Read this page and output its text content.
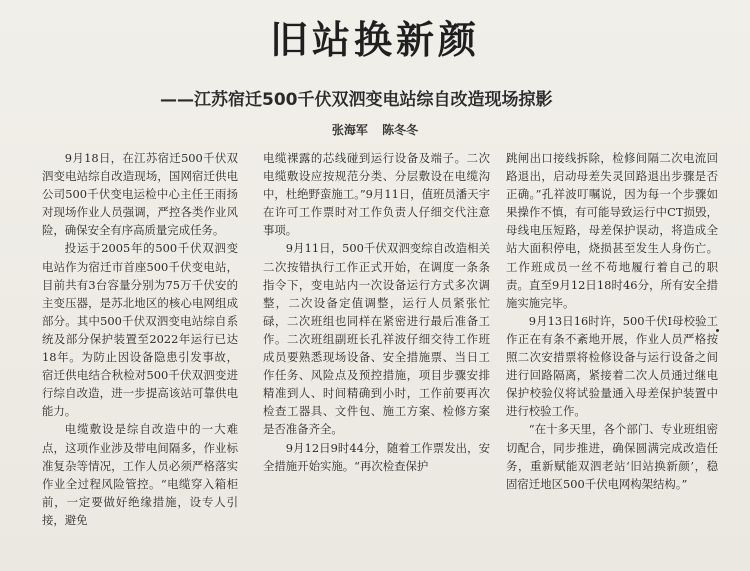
旧站换新颜
——江苏宿迁500千伏双泗变电站综自改造现场掠影

张海军 陈冬冬

9月18日，在江苏宿迁500千伏双泗变电站综自改造现场，国网宿迁供电公司500千伏变电运检中心主任王雨扬对现场作业人员强调，严控各类作业风险，确保安全有序高质量完成任务。

投运于2005年的500千伏双泗变电站作为宿迁市首座500千伏变电站，目前共有3台容量分别为75万千伏安的主变压器，是苏北地区的核心电网组成部分。其中500千伏双泗变电站综自系统及部分保护装置至2022年运行已达18年。为防止因设备隐患引发事故，宿迁供电结合秋检对500千伏双泗变进行综自改造，进一步提高该站可靠供电能力。

电缆敷设是综自改造中的一大难点，这项作业涉及带电间隔多，作业标准复杂等情况，工作人员必须严格落实作业全过程风险管控。“电缆穿入箱柜前，一定要做好绝缘措施，设专人引接，避免

电缆裸露的芯线碰到运行设备及端子。二次电缆敷设应按规范分类、分层敷设在电缆沟中，杜绝野蛮施工。”9月11日，值班员潘天宇在许可工作票时对工作负责人仔细交代注意事项。

9月11日，500千伏双泗变综自改造相关二次按错执行工作正式开始，在调度一条条指令下，变电站内一次设备运行方式多次调整，二次设备定值调整，运行人员紧张忙碌，二次班组也同样在紧密进行最后准备工作。二次班组副班长孔祥波仔细交待工作班成员要熟悉现场设备、安全措施票、当日工作任务、风险点及预控措施，项目步骤安排精准到人、时间精确到小时，工作前要再次检查工器具、文件包、施工方案、检修方案是否准备齐全。

9月12日9时44分，随着工作票发出，安全措施开始实施。“再次检查保护

跳闸出口接线拆除，检修间隔二次电流回路退出，启动母差失灵回路退出步骤是否正确。”孔祥波叮嘱说，因为每一个步骤如果操作不慎，有可能导致运行中CT损毁，母线电压短路，母差保护误动，将造成全站大面积停电，烧损甚至发生人身伤亡。工作班成员一丝不苟地履行着自己的职责。直至9月12日18时46分，所有安全措施实施完毕。

9月13日16时许，500千伏Ⅰ母校验工作正在有条不紊地开展，作业人员严格按照二次安措票将检修设备与运行设备之间进行回路隔离，紧接着二次人员通过继电保护校验仪将试验量通入母差保护装置中进行校验工作。

“在十多天里，各个部门、专业班组密切配合，同步推进，确保圆满完成改造任务，重新赋能双泗老站‘旧站换新颜’，稳固宿迁地区500千伏电网构架结构。”
